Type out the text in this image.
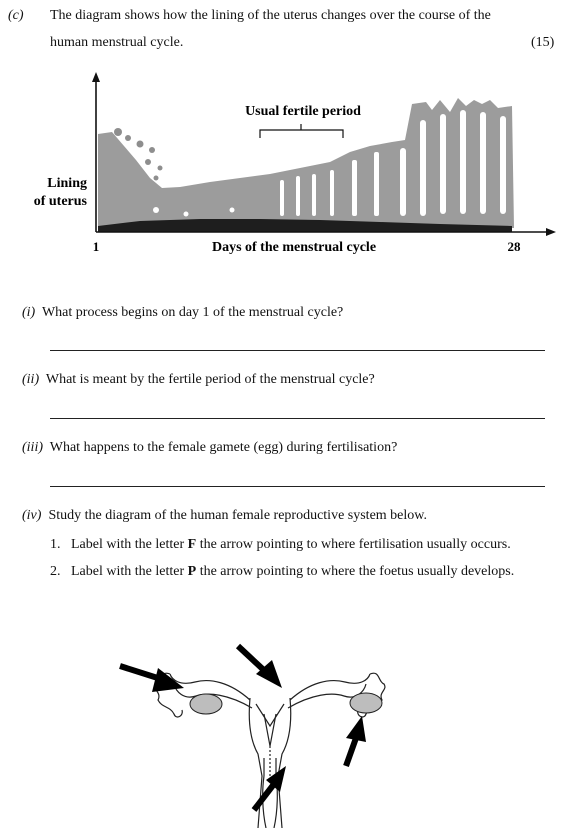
(c) The diagram shows how the lining of the uterus changes over the course of the
human menstrual cycle.	(15)
Usual fertile period
Lining
of uterus
Days of the menstrual cycle
1	28
(i) What process begins on day 1 of the menstrual cycle?
(ii) What is meant by the fertile period of the menstrual cycle?
(iii) What happens to the female gamete (egg) during fertilisation?
(iv) Study the diagram of the human female reproductive system below.
1. Label with the letter F the arrow pointing to where fertilisation usually occurs.
2. Label with the letter P the arrow pointing to where the foetus usually develops.
